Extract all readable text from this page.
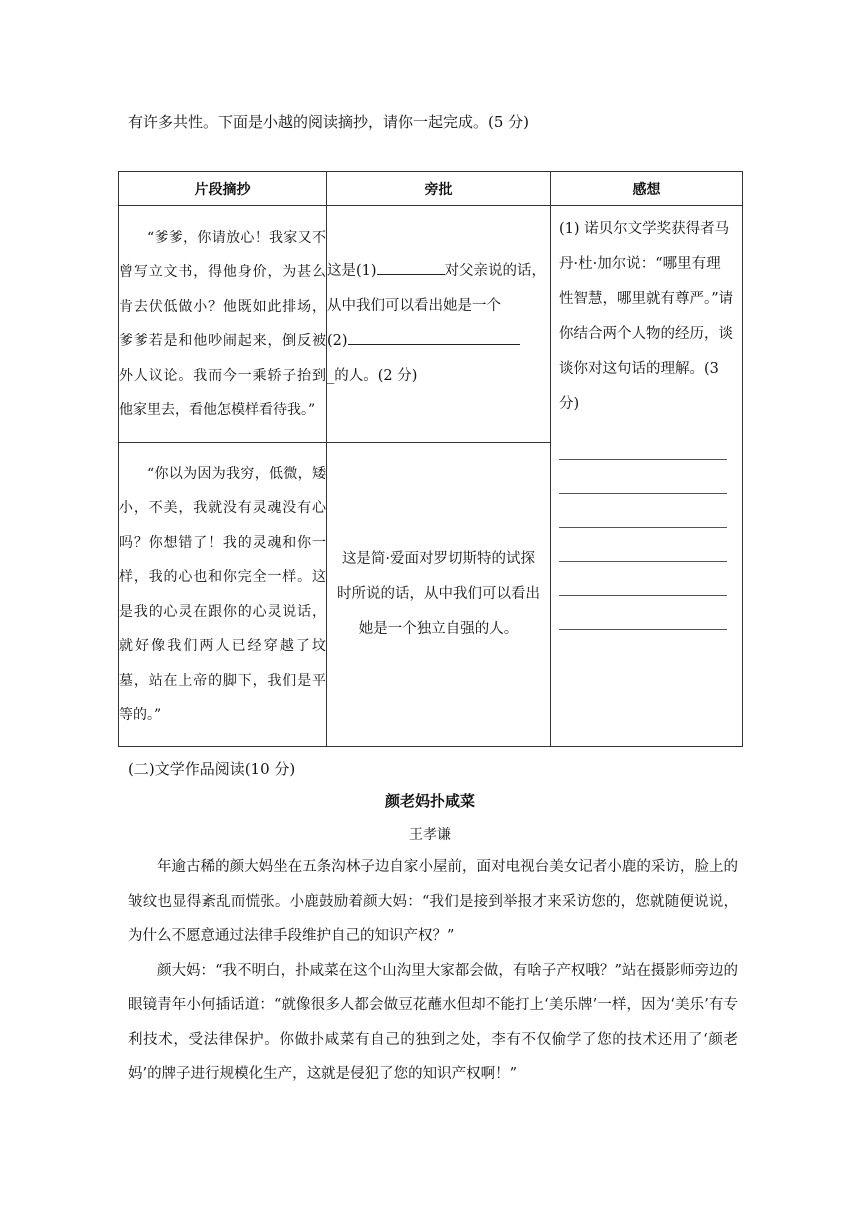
有许多共性。下面是小越的阅读摘抄，请你一起完成。(5 分)
片段摘抄	旁批	感想

“爹爹，你请放心！我家又不曾写立文书，得他身价，为甚么肯去伏低做小？他既如此排场，爹爹若是和他吵闹起来，倒反被外人议论。我而今一乘轿子抬到他家里去，看他怎模样看待我。”	这是(1) 对父亲说的话，从中我们可以看出她是一个
(2)
_的人。(2 分)	(1) 诺贝尔文学奖获得者马丹·杜·加尔说：“哪里有理性智慧，哪里就有尊严。”请你结合两个人物的经历，谈谈你对这句话的理解。(3 分)

“你以为因为我穷，低微，矮小，不美，我就没有灵魂没有心吗？你想错了！我的灵魂和你一样，我的心也和你完全一样。这是我的心灵在跟你的心灵说话，就好像我们两人已经穿越了坟墓，站在上帝的脚下，我们是平等的。”	这是简·爱面对罗切斯特的试探时所说的话，从中我们可以看出她是一个独立自强的人。	
(二)文学作品阅读(10 分)
颜老妈扑咸菜
王孝谦

年逾古稀的颜大妈坐在五条沟林子边自家小屋前，面对电视台美女记者小鹿的采访，脸上的皱纹也显得紊乱而慌张。小鹿鼓励着颜大妈：“我们是接到举报才来采访您的，您就随便说说，为什么不愿意通过法律手段维护自己的知识产权？”

颜大妈：“我不明白，扑咸菜在这个山沟里大家都会做，有啥子产权哦？”站在摄影师旁边的眼镜青年小何插话道：“就像很多人都会做豆花蘸水但却不能打上‘美乐牌’一样，因为‘美乐’有专利技术，受法律保护。你做扑咸菜有自己的独到之处，李有不仅偷学了您的技术还用了‘颜老妈’的牌子进行规模化生产，这就是侵犯了您的知识产权啊！”
